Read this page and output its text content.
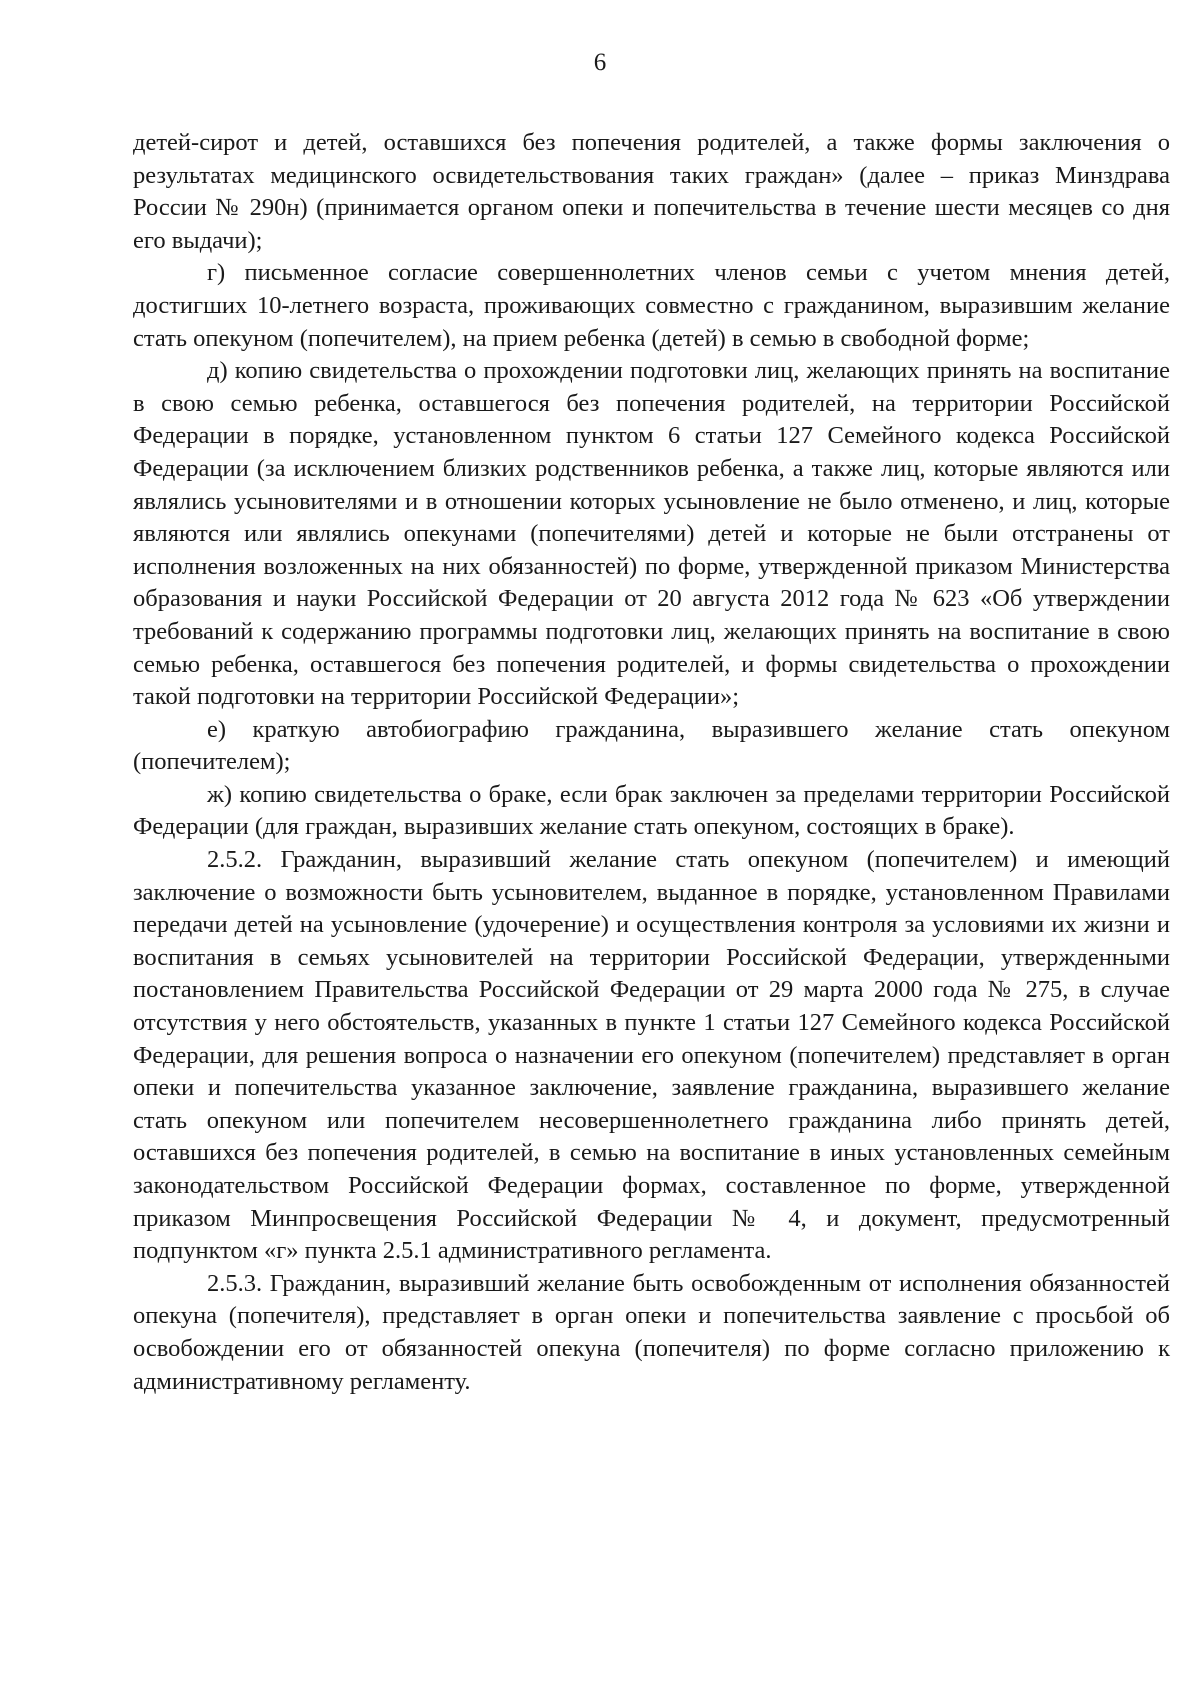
6

детей-сирот и детей, оставшихся без попечения родителей, а также формы заключения о результатах медицинского освидетельствования таких граждан» (далее – приказ Минздрава России № 290н) (принимается органом опеки и попечительства в течение шести месяцев со дня его выдачи);

г) письменное согласие совершеннолетних членов семьи с учетом мнения детей, достигших 10-летнего возраста, проживающих совместно с гражданином, выразившим желание стать опекуном (попечителем), на прием ребенка (детей) в семью в свободной форме;

д) копию свидетельства о прохождении подготовки лиц, желающих принять на воспитание в свою семью ребенка, оставшегося без попечения родителей, на территории Российской Федерации в порядке, установленном пунктом 6 статьи 127 Семейного кодекса Российской Федерации (за исключением близких родственников ребенка, а также лиц, которые являются или являлись усыновителями и в отношении которых усыновление не было отменено, и лиц, которые являются или являлись опекунами (попечителями) детей и которые не были отстранены от исполнения возложенных на них обязанностей) по форме, утвержденной приказом Министерства образования и науки Российской Федерации от 20 августа 2012 года № 623 «Об утверждении требований к содержанию программы подготовки лиц, желающих принять на воспитание в свою семью ребенка, оставшегося без попечения родителей, и формы свидетельства о прохождении такой подготовки на территории Российской Федерации»;

е) краткую автобиографию гражданина, выразившего желание стать опекуном (попечителем);

ж) копию свидетельства о браке, если брак заключен за пределами территории Российской Федерации (для граждан, выразивших желание стать опекуном, состоящих в браке).

2.5.2. Гражданин, выразивший желание стать опекуном (попечителем) и имеющий заключение о возможности быть усыновителем, выданное в порядке, установленном Правилами передачи детей на усыновление (удочерение) и осуществления контроля за условиями их жизни и воспитания в семьях усыновителей на территории Российской Федерации, утвержденными постановлением Правительства Российской Федерации от 29 марта 2000 года № 275, в случае отсутствия у него обстоятельств, указанных в пункте 1 статьи 127 Семейного кодекса Российской Федерации, для решения вопроса о назначении его опекуном (попечителем) представляет в орган опеки и попечительства указанное заключение, заявление гражданина, выразившего желание стать опекуном или попечителем несовершеннолетнего гражданина либо принять детей, оставшихся без попечения родителей, в семью на воспитание в иных установленных семейным законодательством Российской Федерации формах, составленное по форме, утвержденной приказом Минпросвещения Российской Федерации № 4, и документ, предусмотренный подпунктом «г» пункта 2.5.1 административного регламента.

2.5.3. Гражданин, выразивший желание быть освобожденным от исполнения обязанностей опекуна (попечителя), представляет в орган опеки и попечительства заявление с просьбой об освобождении его от обязанностей опекуна (попечителя) по форме согласно приложению к административному регламенту.
